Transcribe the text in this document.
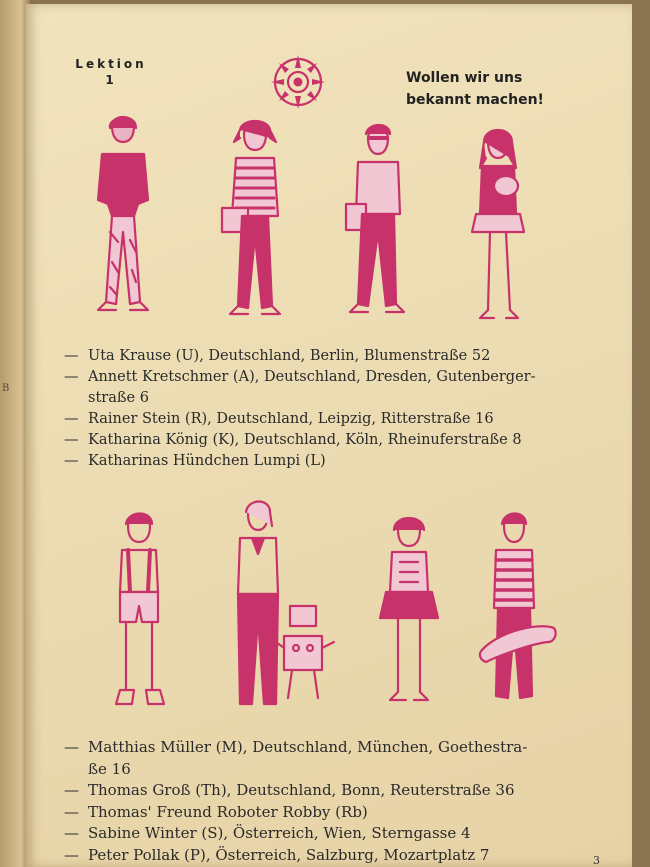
B
Lektion
1	Wollen wir uns
bekannt machen!
— Uta Krause (U), Deutschland, Berlin, Blumenstraße 52
— Annett Kretschmer (A), Deutschland, Dresden, Gutenberger-
straße 6
— Rainer Stein (R), Deutschland, Leipzig, Ritterstraße 16
— Katharina König (K), Deutschland, Köln, Rheinuferstraße 8
— Katharinas Hündchen Lumpi (L)
— Matthias Müller (M), Deutschland, München, Goethestra-
ße 16
— Thomas Groß (Th), Deutschland, Bonn, Reuterstraße 36
— Thomas' Freund Roboter Robby (Rb)
— Sabine Winter (S), Österreich, Wien, Sterngasse 4
— Peter Pollak (P), Österreich, Salzburg, Mozartplatz 7	3
